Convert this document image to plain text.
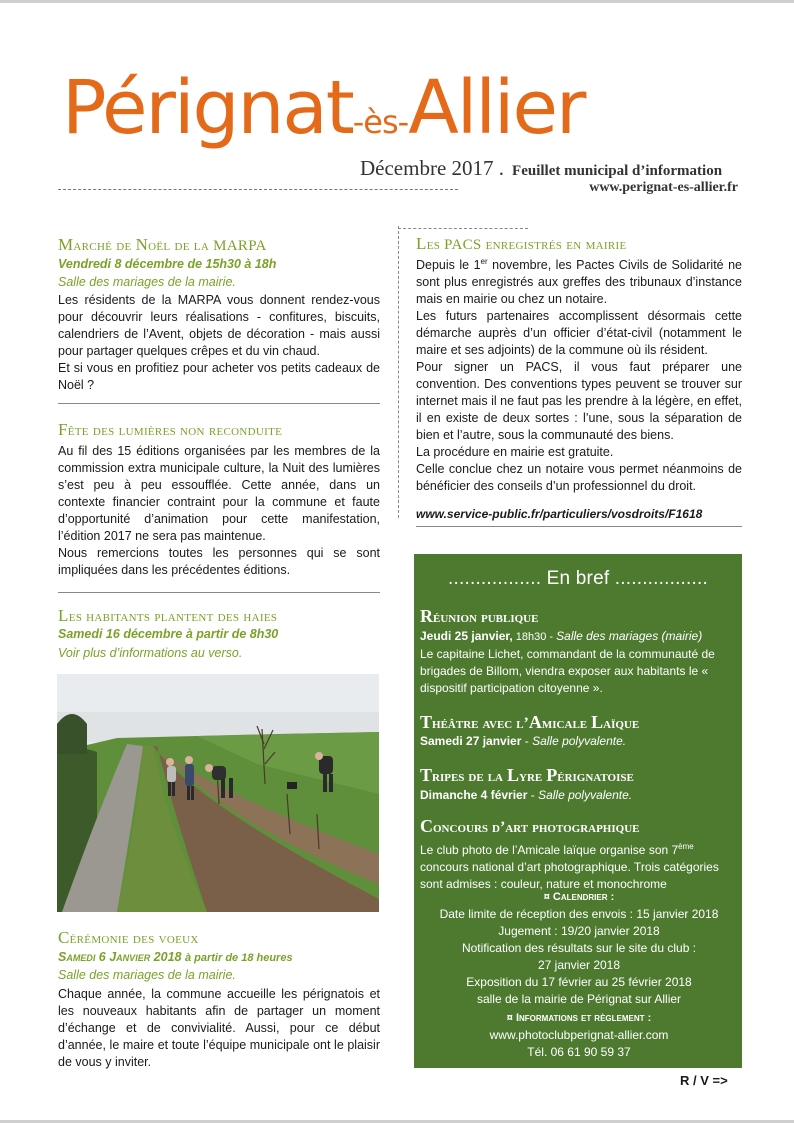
Pérignat-ès-Allier
Décembre 2017 . Feuillet municipal d’information
www.perignat-es-allier.fr
Marché de Noël de la MARPA
Vendredi 8 décembre de 15h30 à 18h
Salle des mariages de la mairie.

Les résidents de la MARPA vous donnent rendez-vous pour découvrir leurs réalisations - confitures, biscuits, calendriers de l’Avent, objets de décoration - mais aussi pour partager quelques crêpes et du vin chaud.

Et si vous en profitiez pour acheter vos petits cadeaux de Noël ?

Fête des lumières non reconduite

Au fil des 15 éditions organisées par les membres de la commission extra municipale culture, la Nuit des lumières s’est peu à peu essoufflée. Cette année, dans un contexte financier contraint pour la commune et faute d’opportunité d’animation pour cette manifestation, l’édition 2017 ne sera pas maintenue.

Nous remercions toutes les personnes qui se sont impliquées dans les précédentes éditions.

Les habitants plantent des haies
Samedi 16 décembre à partir de 8h30
Voir plus d’informations au verso.
Cérémonie des voeux
Samedi 6 Janvier 2018 à partir de 18 heures
Salle des mariages de la mairie.
Chaque année, la commune accueille les pérignatois et les nouveaux habitants afin de partager un moment d’échange et de convivialité. Aussi, pour ce début d’année, le maire et toute l’équipe municipale ont le plaisir de vous y inviter.
Les PACS enregistrés en mairie

Depuis le 1er novembre, les Pactes Civils de Solidarité ne sont plus enregistrés aux greffes des tribunaux d’instance mais en mairie ou chez un notaire.

Les futurs partenaires accomplissent désormais cette démarche auprès d’un officier d’état-civil (notamment le maire et ses adjoints) de la commune où ils résident.

Pour signer un PACS, il vous faut préparer une convention. Des conventions types peuvent se trouver sur internet mais il ne faut pas les prendre à la légère, en effet, il en existe de deux sortes : l’une, sous la séparation de bien et l’autre, sous la communauté des biens.

La procédure en mairie est gratuite.

Celle conclue chez un notaire vous permet néanmoins de bénéficier des conseils d’un professionnel du droit.

www.service-public.fr/particuliers/vosdroits/F1618
................. En bref .................
Réunion publique
Jeudi 25 janvier, 18h30 - Salle des mariages (mairie)
Le capitaine Lichet, commandant de la communauté de brigades de Billom, viendra exposer aux habitants le « dispositif participation citoyenne ».
Théâtre avec l’Amicale Laïque
Samedi 27 janvier - Salle polyvalente.
Tripes de la Lyre Pérignatoise
Dimanche 4 février - Salle polyvalente.
Concours d’art photographique
Le club photo de l’Amicale laïque organise son 7ème concours national d’art photographique. Trois catégories sont admises : couleur, nature et monochrome
¤ Calendrier :
Date limite de réception des envois : 15 janvier 2018
Jugement : 19/20 janvier 2018
Notification des résultats sur le site du club :
27 janvier 2018
Exposition du 17 février au 25 février 2018
salle de la mairie de Pérignat sur Allier
¤ Informations et règlement :
www.photoclubperignat-allier.com
Tél. 06 61 90 59 37
R / V =>
